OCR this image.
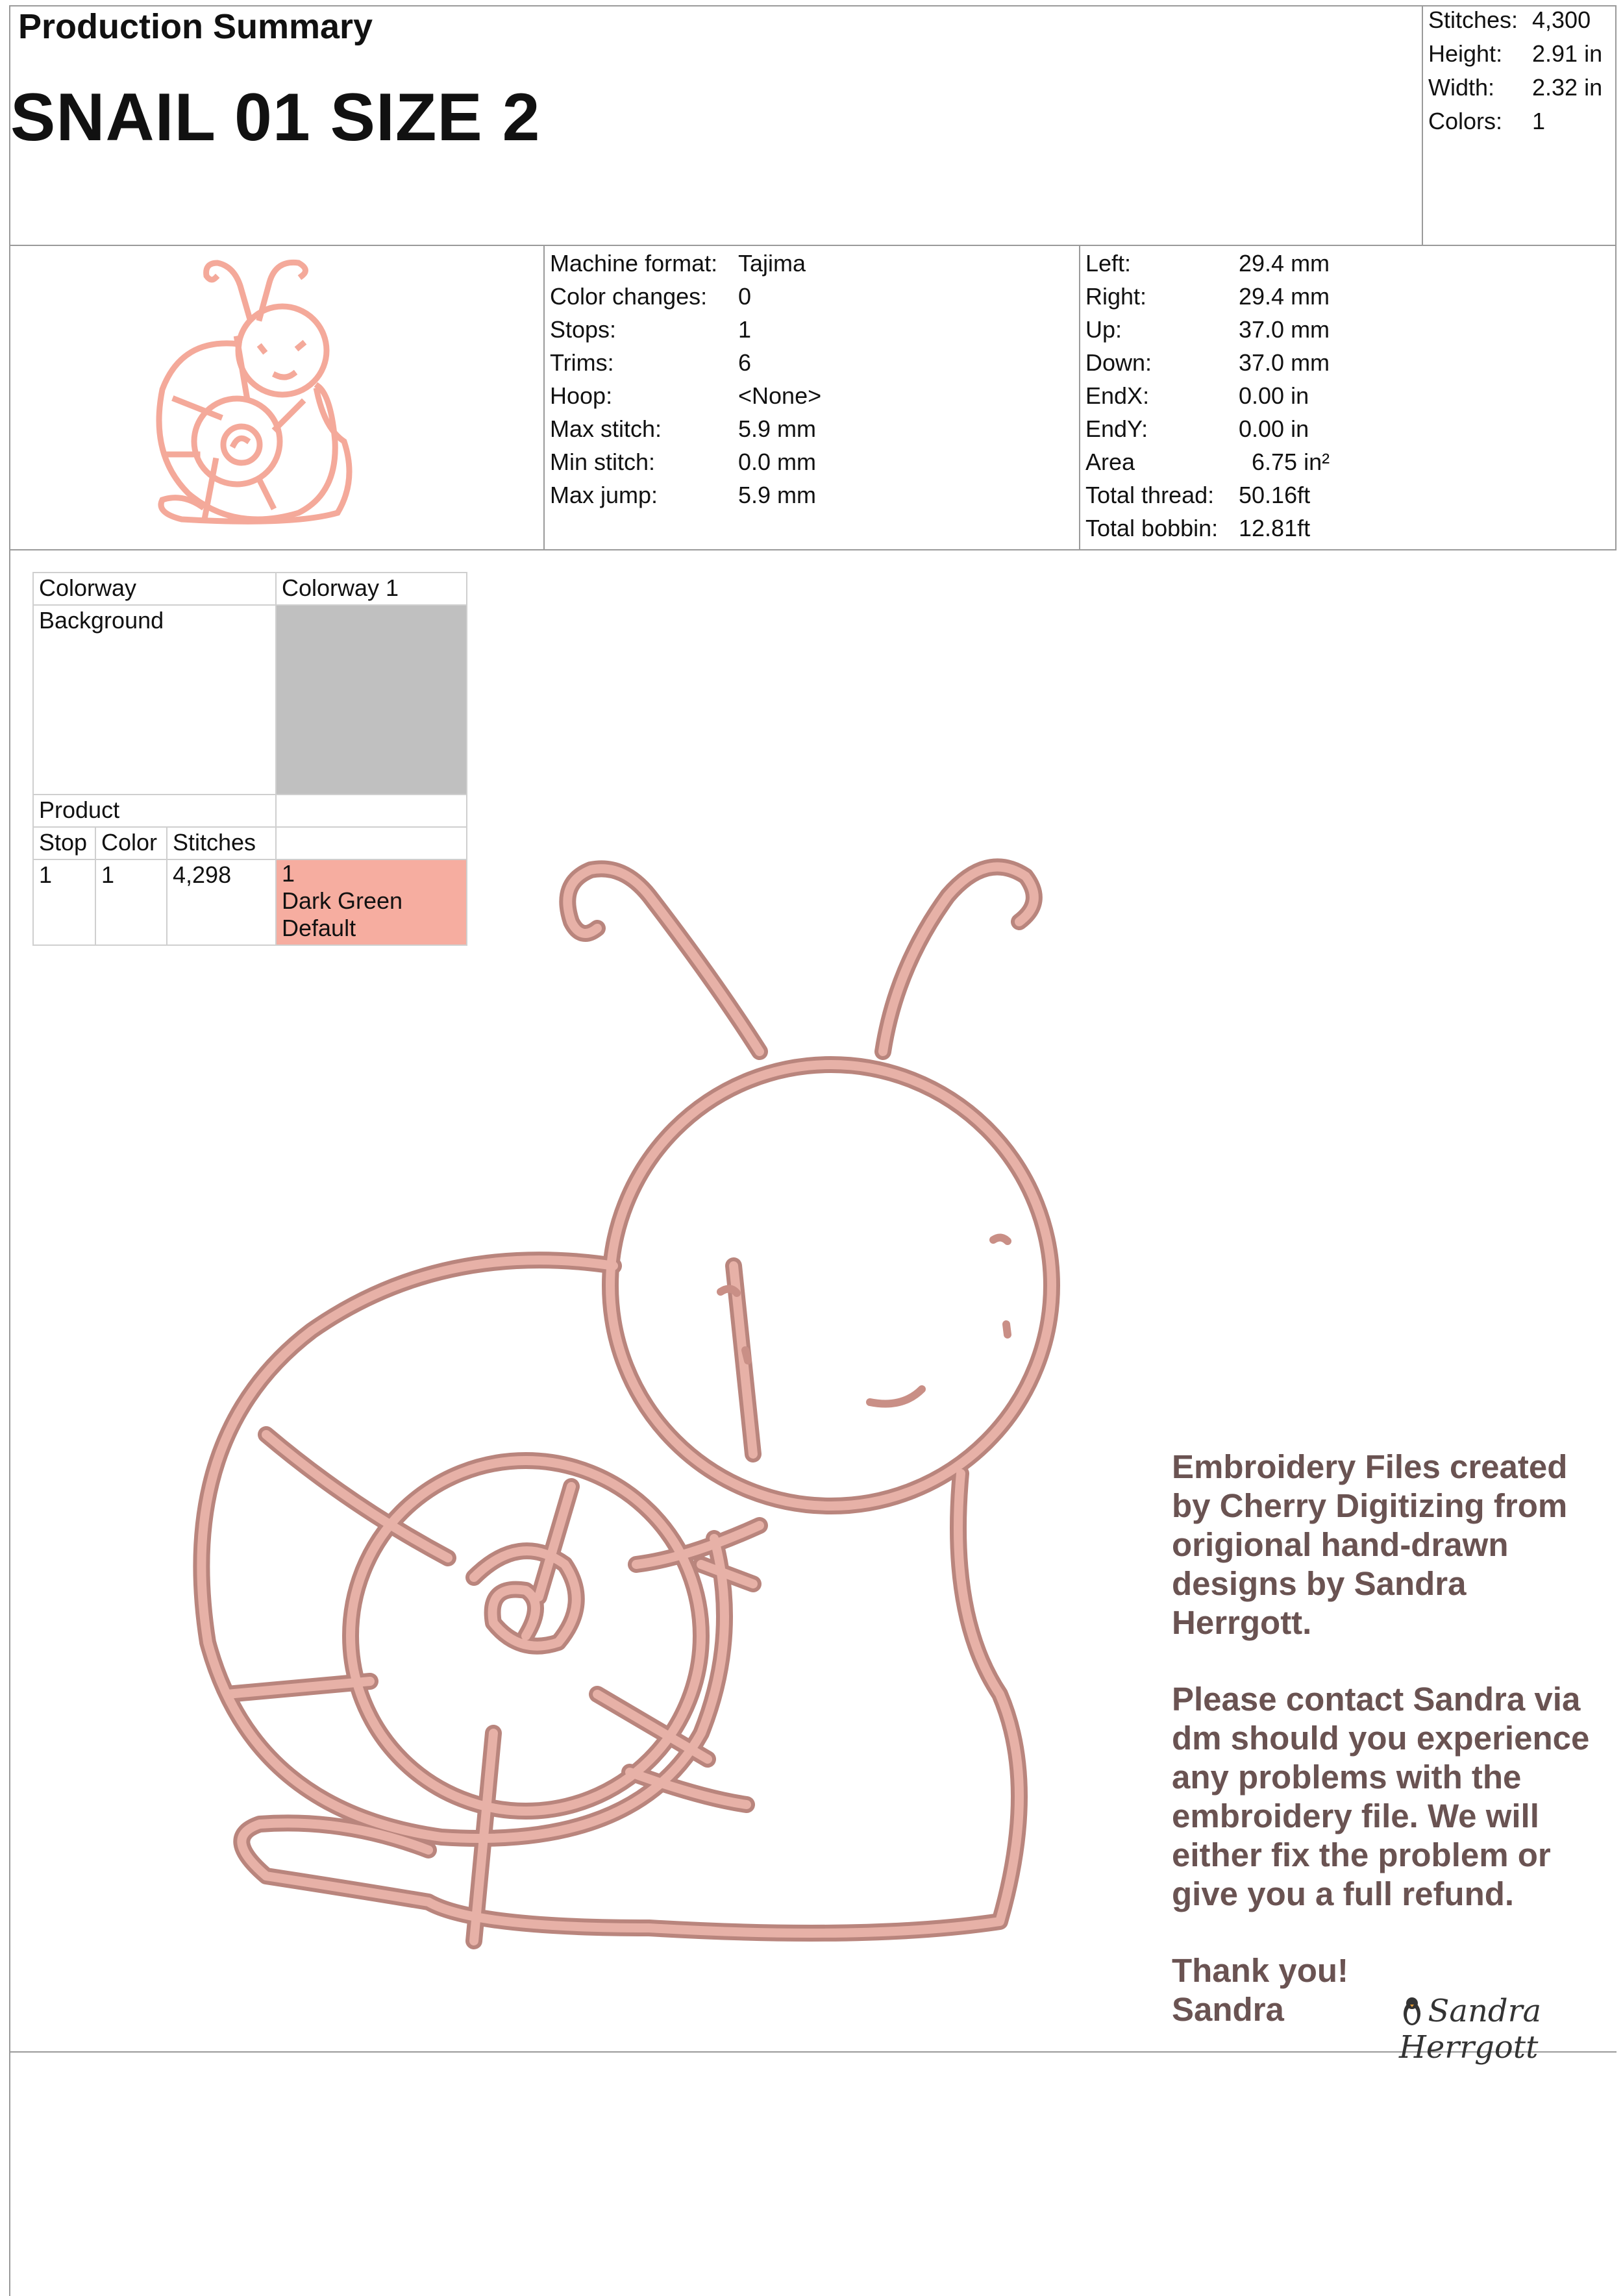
Production Summary
SNAIL 01 SIZE 2
Stitches: 4,300
Height: 2.91 in
Width: 2.32 in
Colors: 1
Machine format: Tajima
Color changes: 0
Stops:	1
Trims:	6
Hoop:	<None>
Max stitch:	5.9 mm
Min stitch:	0.0 mm
Max jump:	5.9 mm
Left:	29.4 mm
Right:	29.4 mm
Up:	37.0 mm
Down:	37.0 mm
EndX:	0.00 in
EndY:	0.00 in
Area	6.75 in²
Total thread: 50.16ft
Total bobbin: 12.81ft
Colorway			Colorway 1
Background			
Product			
Stop	Color	Stitches	
1	1	4,298	1
Dark Green
Default

Embroidery Files created by Cherry Digitizing from origional hand-drawn designs by Sandra Herrgott.

Please contact Sandra via dm should you experience any problems with the embroidery file. We will either fix the problem or give you a full refund.

Thank you!
Sandra	Sandra Herrgott
